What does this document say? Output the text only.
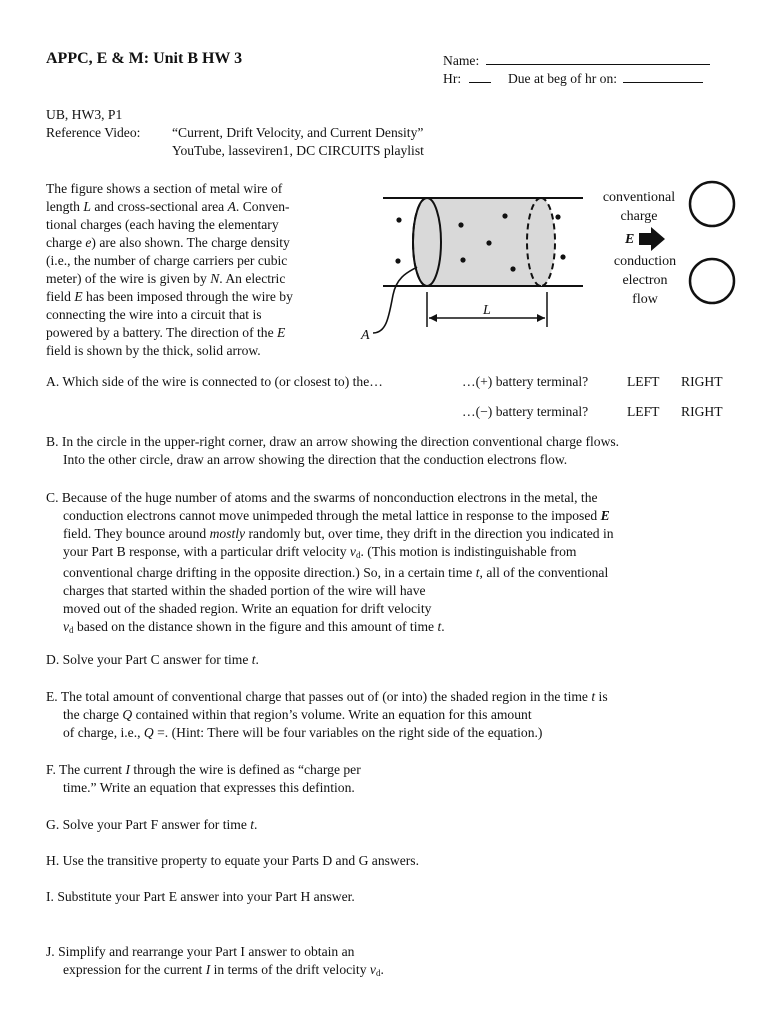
APPC, E & M: Unit B HW 3	Name:
Hr:	Due at beg of hr on:
UB, HW3, P1
Reference Video: “Current, Drift Velocity, and Current Density”
YouTube, lasseviren1, DC CIRCUITS playlist

The figure shows a section of metal wire of

length L and cross-sectional area A. Conven-

tional charges (each having the elementary

charge e) are also shown. The charge density

(i.e., the number of charge carriers per cubic

meter) of the wire is given by N. An electric

field E has been imposed through the wire by

connecting the wire into a circuit that is

powered by a battery. The direction of the E

field is shown by the thick, solid arrow.

A
L
conventional
charge
E
conduction
electron
flow
A. Which side of the wire is connected to (or closest to) the…	…(+) battery terminal?	LEFT RIGHT
…(−) battery terminal?	LEFT RIGHT
B. In the circle in the upper-right corner, draw an arrow showing the direction conventional charge flows.
Into the other circle, draw an arrow showing the direction that the conduction electrons flow.
C. Because of the huge number of atoms and the swarms of nonconduction electrons in the metal, the
conduction electrons cannot move unimpeded through the metal lattice in response to the imposed E
field. They bounce around mostly randomly but, over time, they drift in the direction you indicated in
your Part B response, with a particular drift velocity $v_d$. (This motion is indistinguishable from
conventional charge drifting in the opposite direction.) So, in a certain time t, all of the conventional
charges that started within the shaded portion of the wire will have
moved out of the shaded region. Write an equation for drift velocity
$v_d$ based on the distance shown in the figure and this amount of time t.
D. Solve your Part C answer for time t.
E. The total amount of conventional charge that passes out of (or into) the shaded region in the time t is
the charge Q contained within that region’s volume. Write an equation for this amount
of charge, i.e., Q =. (Hint: There will be four variables on the right side of the equation.)
F. The current I through the wire is defined as “charge per
time.” Write an equation that expresses this defintion.
G. Solve your Part F answer for time t.
H. Use the transitive property to equate your Parts D and G answers.
I. Substitute your Part E answer into your Part H answer.
J. Simplify and rearrange your Part I answer to obtain an
expression for the current I in terms of the drift velocity $v_d$.
